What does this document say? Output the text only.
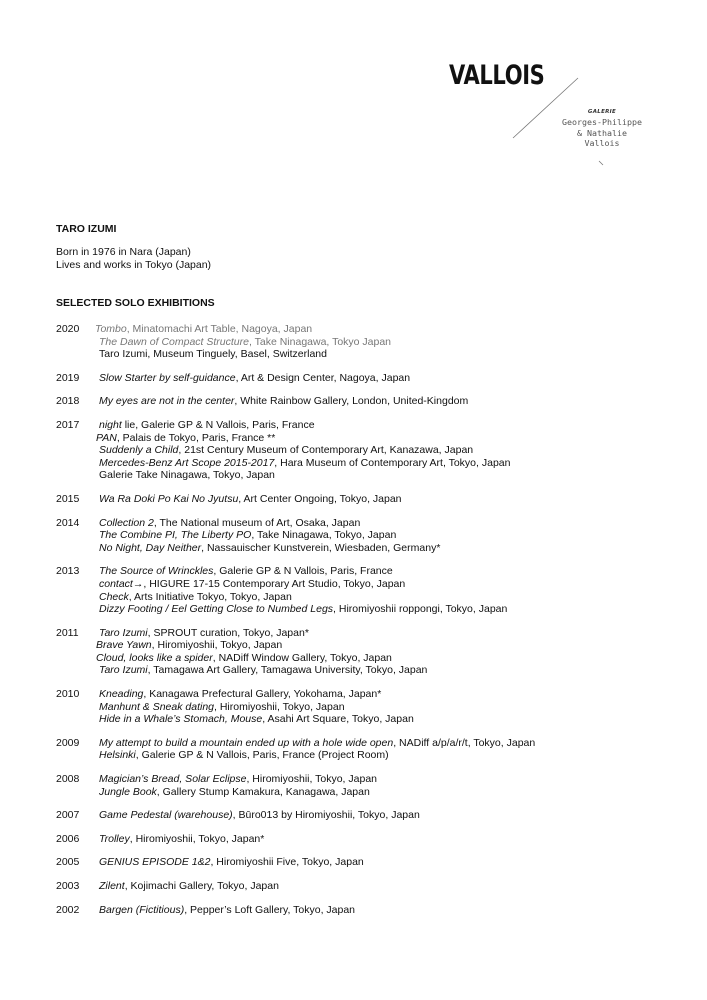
VALLOIS
GALERIE
Georges-Philippe
& Nathalie
Vallois
TARO IZUMI
Born in 1976 in Nara (Japan)
Lives and works in Tokyo (Japan)
SELECTED SOLO EXHIBITIONS
2020 Tombo, Minatomachi Art Table, Nagoya, Japan
The Dawn of Compact Structure, Take Ninagawa, Tokyo Japan
Taro Izumi, Museum Tinguely, Basel, Switzerland
2019 Slow Starter by self-guidance, Art & Design Center, Nagoya, Japan
2018 My eyes are not in the center, White Rainbow Gallery, London, United-Kingdom
2017 night lie, Galerie GP & N Vallois, Paris, France
PAN, Palais de Tokyo, Paris, France **
Suddenly a Child, 21st Century Museum of Contemporary Art, Kanazawa, Japan
Mercedes-Benz Art Scope 2015-2017, Hara Museum of Contemporary Art, Tokyo, Japan
Galerie Take Ninagawa, Tokyo, Japan
2015 Wa Ra Doki Po Kai No Jyutsu, Art Center Ongoing, Tokyo, Japan
2014 Collection 2, The National museum of Art, Osaka, Japan
The Combine PI, The Liberty PO, Take Ninagawa, Tokyo, Japan
No Night, Day Neither, Nassauischer Kunstverein, Wiesbaden, Germany*
2013 The Source of Wrinckles, Galerie GP & N Vallois, Paris, France
contact→, HIGURE 17-15 Contemporary Art Studio, Tokyo, Japan
Check, Arts Initiative Tokyo, Tokyo, Japan
Dizzy Footing / Eel Getting Close to Numbed Legs, Hiromiyoshii roppongi, Tokyo, Japan
2011 Taro Izumi, SPROUT curation, Tokyo, Japan*
Brave Yawn, Hiromiyoshii, Tokyo, Japan
Cloud, looks like a spider, NADiff Window Gallery, Tokyo, Japan
Taro Izumi, Tamagawa Art Gallery, Tamagawa University, Tokyo, Japan
2010 Kneading, Kanagawa Prefectural Gallery, Yokohama, Japan*
Manhunt & Sneak dating, Hiromiyoshii, Tokyo, Japan
Hide in a Whale’s Stomach, Mouse, Asahi Art Square, Tokyo, Japan
2009 My attempt to build a mountain ended up with a hole wide open, NADiff a/p/a/r/t, Tokyo, Japan
Helsinki, Galerie GP & N Vallois, Paris, France (Project Room)
2008 Magician’s Bread, Solar Eclipse, Hiromiyoshii, Tokyo, Japan
Jungle Book, Gallery Stump Kamakura, Kanagawa, Japan
2007 Game Pedestal (warehouse), Būro013 by Hiromiyoshii, Tokyo, Japan
2006 Trolley, Hiromiyoshii, Tokyo, Japan*
2005 GENIUS EPISODE 1&2, Hiromiyoshii Five, Tokyo, Japan
2003 Zilent, Kojimachi Gallery, Tokyo, Japan
2002 Bargen (Fictitious), Pepper’s Loft Gallery, Tokyo, Japan
